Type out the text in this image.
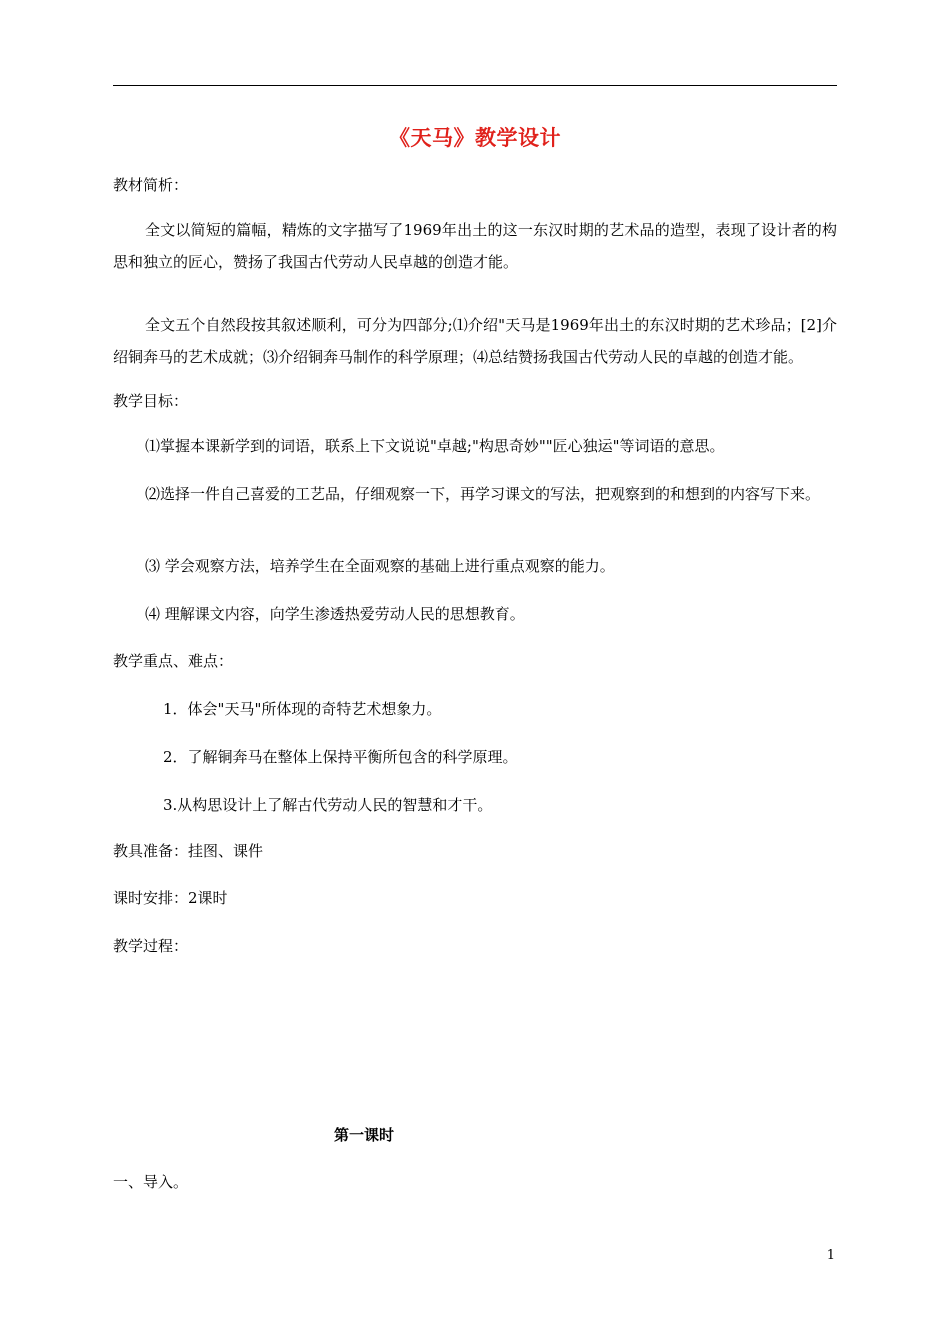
《天马》教学设计
教材简析：
全文以简短的篇幅，精炼的文字描写了1969年出土的这一东汉时期的艺术品的造型，表现了设计者的构思和独立的匠心，赞扬了我国古代劳动人民卓越的创造才能。
全文五个自然段按其叙述顺利，可分为四部分;⑴介绍"天马是1969年出土的东汉时期的艺术珍品；[2]介绍铜奔马的艺术成就；⑶介绍铜奔马制作的科学原理；⑷总结赞扬我国古代劳动人民的卓越的创造才能。
教学目标：
⑴掌握本课新学到的词语，联系上下文说说"卓越;"构思奇妙""匠心独运"等词语的意思。
⑵选择一件自己喜爱的工艺品，仔细观察一下，再学习课文的写法，把观察到的和想到的内容写下来。
⑶ 学会观察方法，培养学生在全面观察的基础上进行重点观察的能力。
⑷ 理解课文内容，向学生渗透热爱劳动人民的思想教育。
教学重点、难点：
1．体会"天马"所体现的奇特艺术想象力。
2．了解铜奔马在整体上保持平衡所包含的科学原理。
3.从构思设计上了解古代劳动人民的智慧和才干。
教具准备：挂图、课件
课时安排：2课时
教学过程：
第一课时
一、导入。
1
